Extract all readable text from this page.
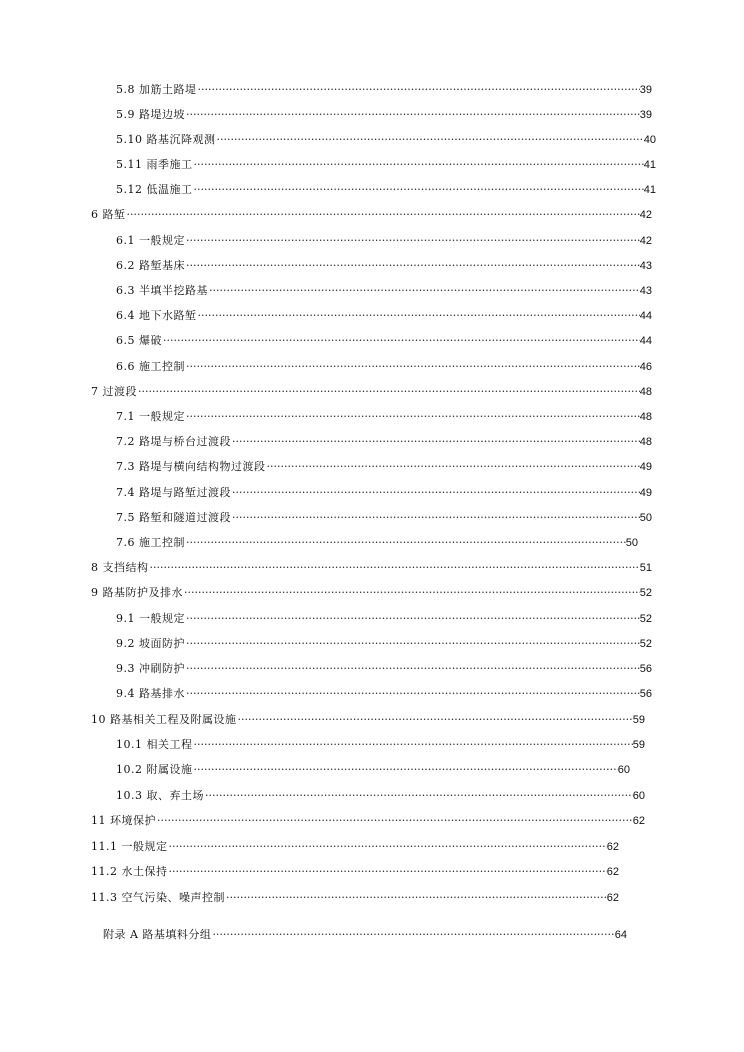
5.8 加筋土路堤 ·····	39
5.9 路堤边坡 ·····	39
5.10 路基沉降观测 ·····	40
5.11 雨季施工 ·····	41
5.12 低温施工 ·····	41
6 路堑 ·····	42
6.1 一般规定 ·····	42
6.2 路堑基床 ·····	43
6.3 半填半挖路基 ·····	43
6.4 地下水路堑 ·····	44
6.5 爆破 ·····	44
6.6 施工控制 ·····	46
7 过渡段 ·····	48
7.1 一般规定 ·····	48
7.2 路堤与桥台过渡段 ·····	48
7.3 路堤与横向结构物过渡段 ·····	49
7.4 路堤与路堑过渡段 ·····	49
7.5 路堑和隧道过渡段 ·····	50
7.6 施工控制 ·····	50
8 支挡结构 ·····	51
9 路基防护及排水 ·····	52
9.1 一般规定 ·····	52
9.2 坡面防护 ·····	52
9.3 冲刷防护 ·····	56
9.4 路基排水 ·····	56
10 路基相关工程及附属设施 ·····	59
10.1 相关工程 ·····	59
10.2 附属设施 ·····	60
10.3 取、弃土场 ·····	60
11 环境保护 ·····	62
11.1 一般规定 ·····	62
11.2 水土保持 ·····	62
11.3 空气污染、噪声控制 ·····	62
附录 A 路基填料分组 ·····	64
